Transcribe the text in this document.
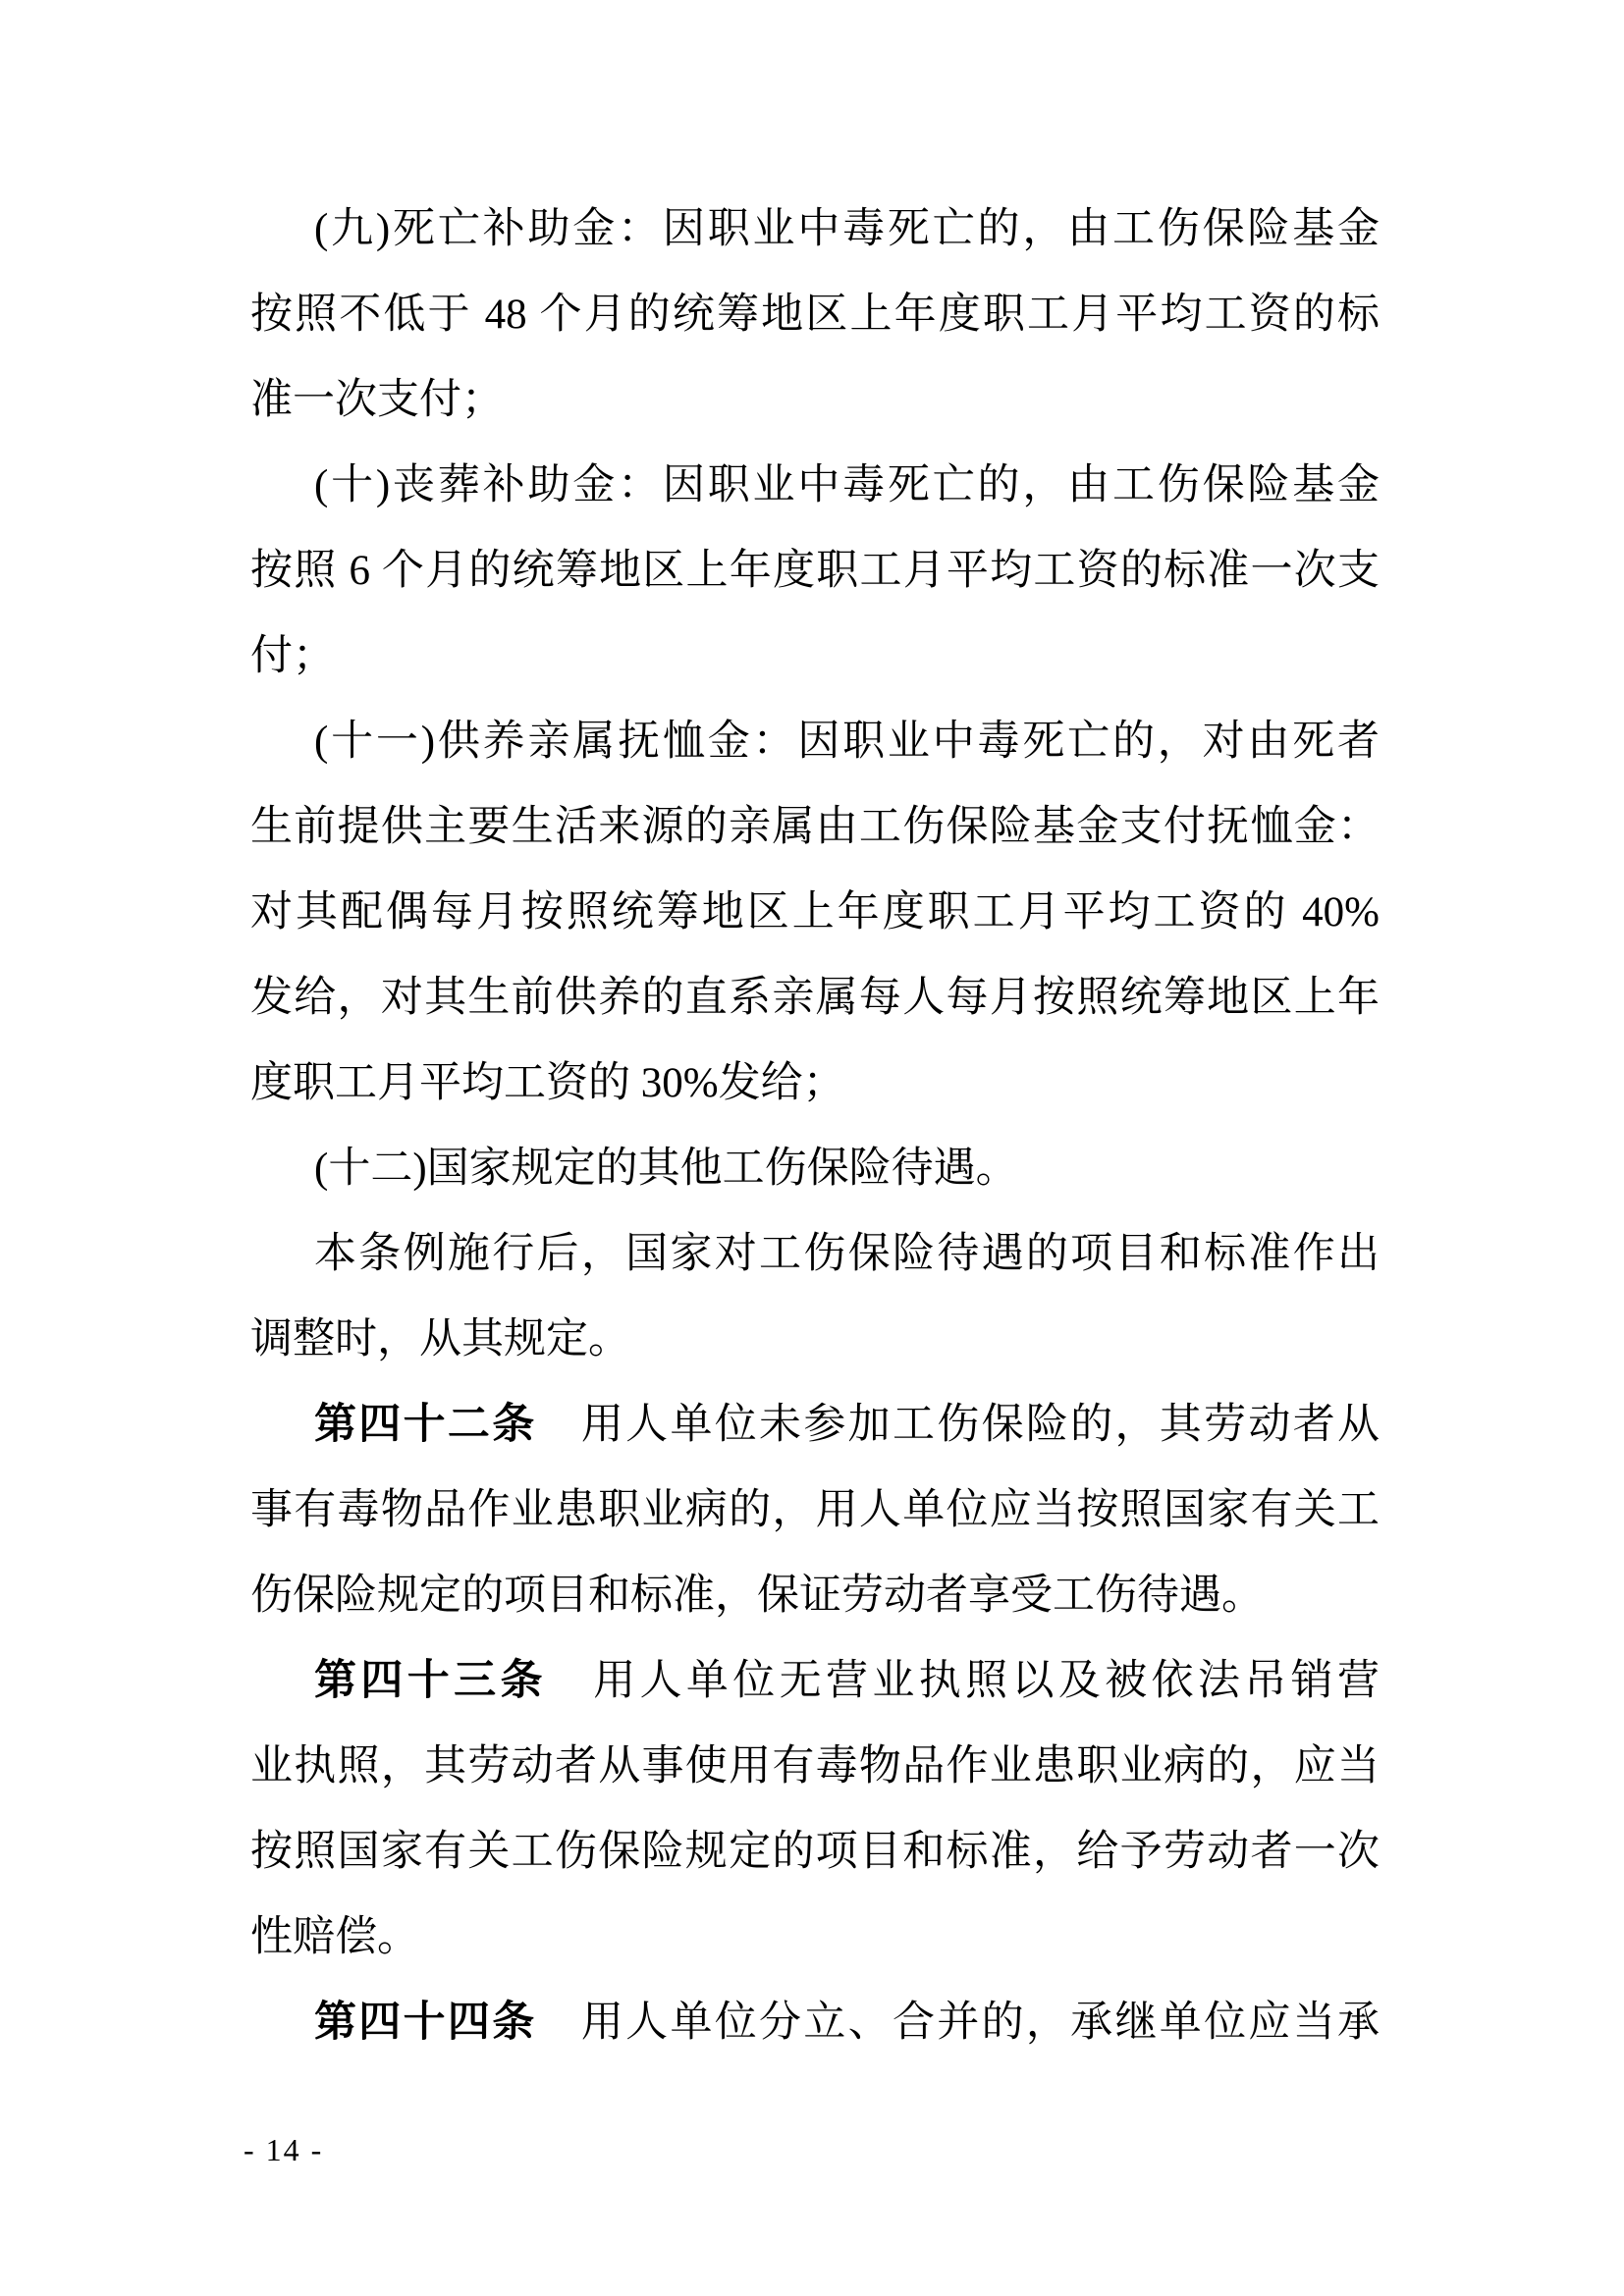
(九)死亡补助金：因职业中毒死亡的，由工伤保险基金
按照不低于 48 个月的统筹地区上年度职工月平均工资的标
准一次支付；
(十)丧葬补助金：因职业中毒死亡的，由工伤保险基金
按照 6 个月的统筹地区上年度职工月平均工资的标准一次支
付；
(十一)供养亲属抚恤金：因职业中毒死亡的，对由死者
生前提供主要生活来源的亲属由工伤保险基金支付抚恤金：
对其配偶每月按照统筹地区上年度职工月平均工资的 40%
发给，对其生前供养的直系亲属每人每月按照统筹地区上年
度职工月平均工资的 30%发给；
(十二)国家规定的其他工伤保险待遇。
本条例施行后，国家对工伤保险待遇的项目和标准作出
调整时，从其规定。
第四十二条　用人单位未参加工伤保险的，其劳动者从
事有毒物品作业患职业病的，用人单位应当按照国家有关工
伤保险规定的项目和标准，保证劳动者享受工伤待遇。
第四十三条　用人单位无营业执照以及被依法吊销营
业执照，其劳动者从事使用有毒物品作业患职业病的，应当
按照国家有关工伤保险规定的项目和标准，给予劳动者一次
性赔偿。
第四十四条　用人单位分立、合并的，承继单位应当承
- 14 -
